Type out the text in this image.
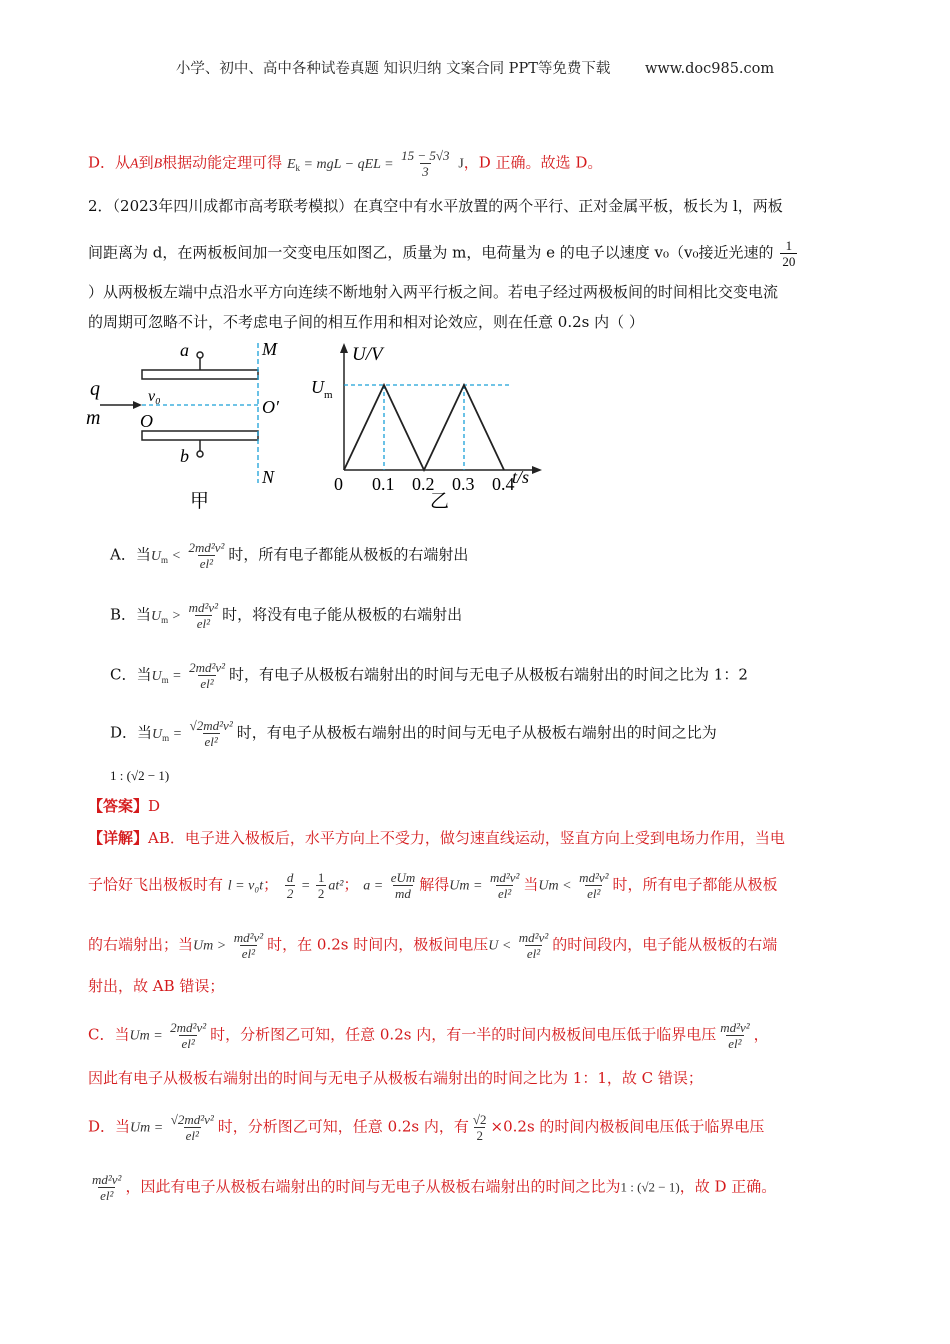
小学、初中、高中各种试卷真题 知识归纳 文案合同 PPT等免费下载 www.doc985.com
D．从A到B根据动能定理可得 $E_k$ = mgL − qEL = $\frac{15 - 5√3}{3}$ J，D 正确。故选 D。
2．（2023年四川成都市高考联考模拟）在真空中有水平放置的两个平行、正对金属平板，板长为 l，两板
间距离为 d，在两板板间加一交变电压如图乙，质量为 m，电荷量为 e 的电子以速度 v₀（v₀接近光速的 $\frac{1}{20}$
）从两极板左端中点沿水平方向连续不断地射入两平行板之间。若电子经过两极板间的时间相比交变电流
的周期可忽略不计，不考虑电子间的相互作用和相对论效应，则在任意 0.2s 内（ ）
a
b
q
m
v₀
O
O′
M
N
甲
U/V
t/s
$U_m$
0 0.1 0.2 0.3 0.4
乙
A．当$U_m < \frac{\text{2md²v²}}{\text{el²}}$ 时，所有电子都能从极板的右端射出
B．当$U_m > \frac{\text{md²v²}}{\text{el²}}$ 时，将没有电子能从极板的右端射出
C．当$U_m = \frac{\text{2md²v²}}{\text{el²}}$ 时，有电子从极板右端射出的时间与无电子从极板右端射出的时间之比为 1：2
D．当$U_m = \frac{\text{√2md²v²}}{\text{el²}}$ 时，有电子从极板右端射出的时间与无电子从极板右端射出的时间之比为
1 : (√2 − 1)
【答案】D
【详解】AB．电子进入极板后，水平方向上不受力，做匀速直线运动，竖直方向上受到电场力作用，当电
子恰好飞出极板时有 l = v₀t； $\frac{d}{2} = \frac{1}{2} at^2$； $a = \frac{\text{eUm}}{md}$ 解得$Um = \frac{\text{md²v²}}{\text{el²}}$ 当$Um < \frac{\text{md²v²}}{\text{el²}}$ 时，所有电子都能从极板
的右端射出；当$Um > \frac{\text{md²v²}}{\text{el²}}$ 时，在 0.2s 时间内，极板间电压$U < \frac{\text{md²v²}}{\text{el²}}$ 的时间段内，电子能从极板的右端
射出，故 AB 错误；
C．当$Um = \frac{\text{2md²v²}}{\text{el²}}$ 时，分析图乙可知，任意 0.2s 内，有一半的时间内极板间电压低于临界电压 $\frac{\text{md²v²}}{\text{el²}}$ ，
因此有电子从极板右端射出的时间与无电子从极板右端射出的时间之比为 1：1，故 C 错误；
D．当$Um = \frac{\text{√2md²v²}}{\text{el²}}$ 时，分析图乙可知，任意 0.2s 内，有 $\frac{√2}{2} \times 0.2s$ 的时间内极板间电压低于临界电压
$\frac{\text{md²v²}}{\text{el²}}$ ，因此有电子从极板右端射出的时间与无电子从极板右端射出的时间之比为1 : (√2 − 1)，故 D 正确。
